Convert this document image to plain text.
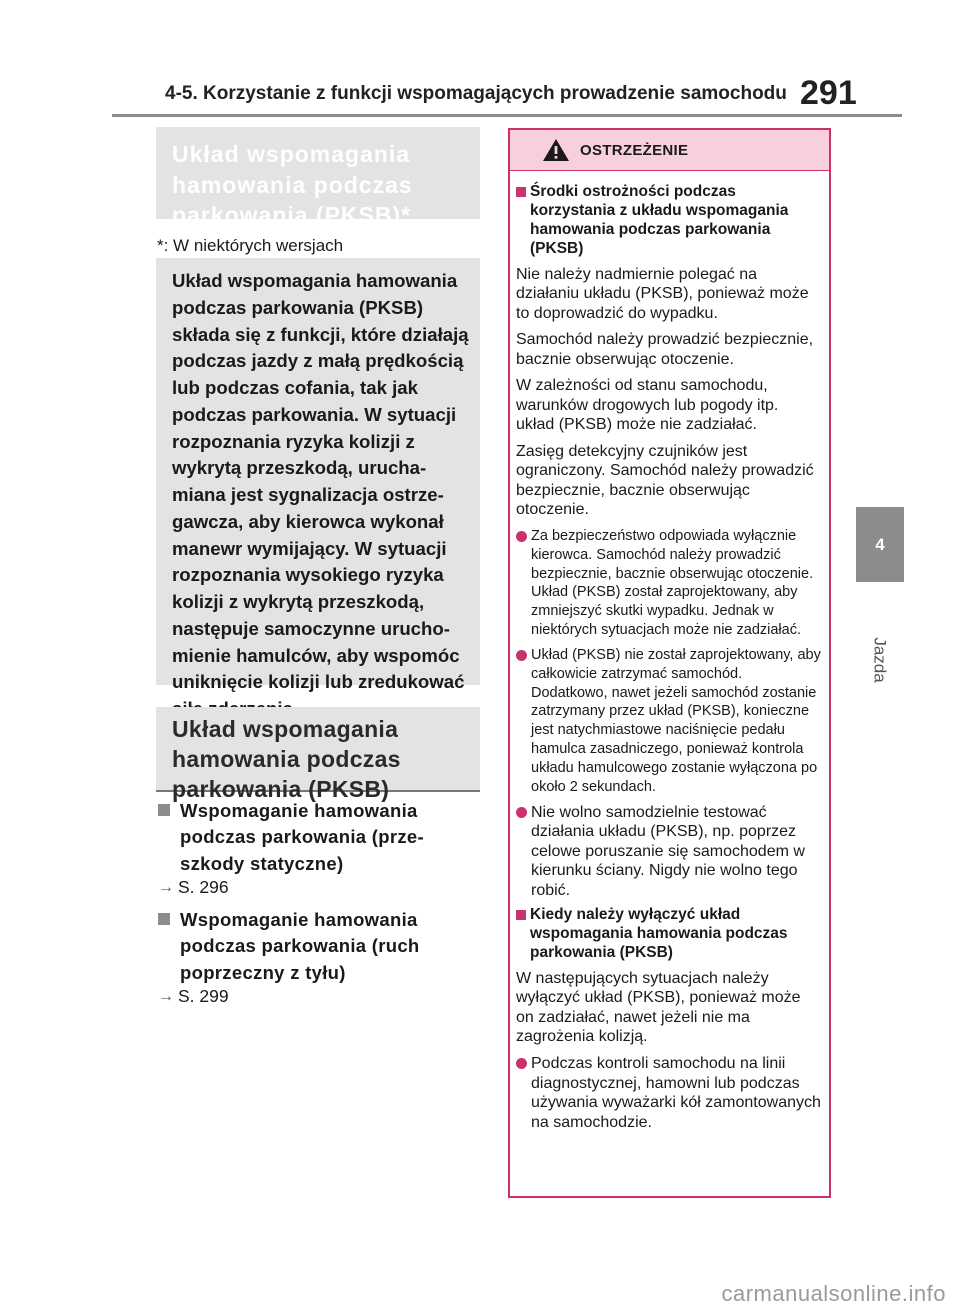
4-5. Korzystanie z funkcji wspomagających prowadzenie samochodu 291
4
Jazda
Układ wspomagania hamowania podczas parkowania (PKSB)*
*: W niektórych wersjach
Układ wspomagania hamowania podczas parkowania (PKSB) składa się z funkcji, które działają podczas jazdy z małą prędkością lub podczas cofania, tak jak podczas parkowania. W sytuacji rozpoznania ryzyka kolizji z wykrytą przeszkodą, uruchamiana jest sygnalizacja ostrzegawcza, aby kierowca wykonał manewr wymijający. W sytuacji rozpoznania wysokiego ryzyka kolizji z wykrytą przeszkodą, następuje samoczynne uruchomienie hamulców, aby wspomóc uniknięcie kolizji lub zredukować
Układ wspomagania hamowania podczas parkowania (PKSB)
Wspomaganie hamowania podczas parkowania (przeszkody statyczne)
→ S. 296
Wspomaganie hamowania podczas parkowania (ruch poprzeczny z tyłu)
→ S. 299
OSTRZEŻENIE
Środki ostrożności podczas korzystania z układu wspomagania hamowania podczas parkowania (PKSB)

Nie należy nadmiernie polegać na działaniu układu (PKSB), ponieważ może to doprowadzić do wypadku.

Samochód należy prowadzić bezpiecznie, bacznie obserwując otoczenie.

W zależności od stanu samochodu, warunków drogowych lub pogody itp. układ (PKSB) może nie zadziałać.

Zasięg detekcyjny czujników jest ograniczony. Samochód należy prowadzić bezpiecznie, bacznie obserwując otoczenie.

Za bezpieczeństwo odpowiada wyłącznie kierowca. Samochód należy prowadzić bezpiecznie, bacznie obserwując otoczenie. Układ (PKSB) został zaprojektowany, aby zmniejszyć skutki wypadku. Jednak w niektórych sytuacjach może nie zadziałać.
Układ (PKSB) nie został zaprojektowany, aby całkowicie zatrzymać samochód. Dodatkowo, nawet jeżeli samochód zostanie zatrzymany przez układ (PKSB), konieczne jest natychmiastowe naciśnięcie pedału hamulca zasadniczego, ponieważ kontrola układu hamulcowego zostanie wyłączona po około 2 sekundach.
Nie wolno samodzielnie testować działania układu (PKSB), np. poprzez celowe poruszanie się samochodem w kierunku ściany. Nigdy nie wolno tego robić.
Kiedy należy wyłączyć układ wspomagania hamowania podczas parkowania (PKSB)

W następujących sytuacjach należy wyłączyć układ (PKSB), ponieważ może on zadziałać, nawet jeżeli nie ma zagrożenia kolizją.

Podczas kontroli samochodu na linii diagnostycznej, hamowni lub podczas używania wyważarki kół zamontowanych na samochodzie.
carmanualsonline.info
